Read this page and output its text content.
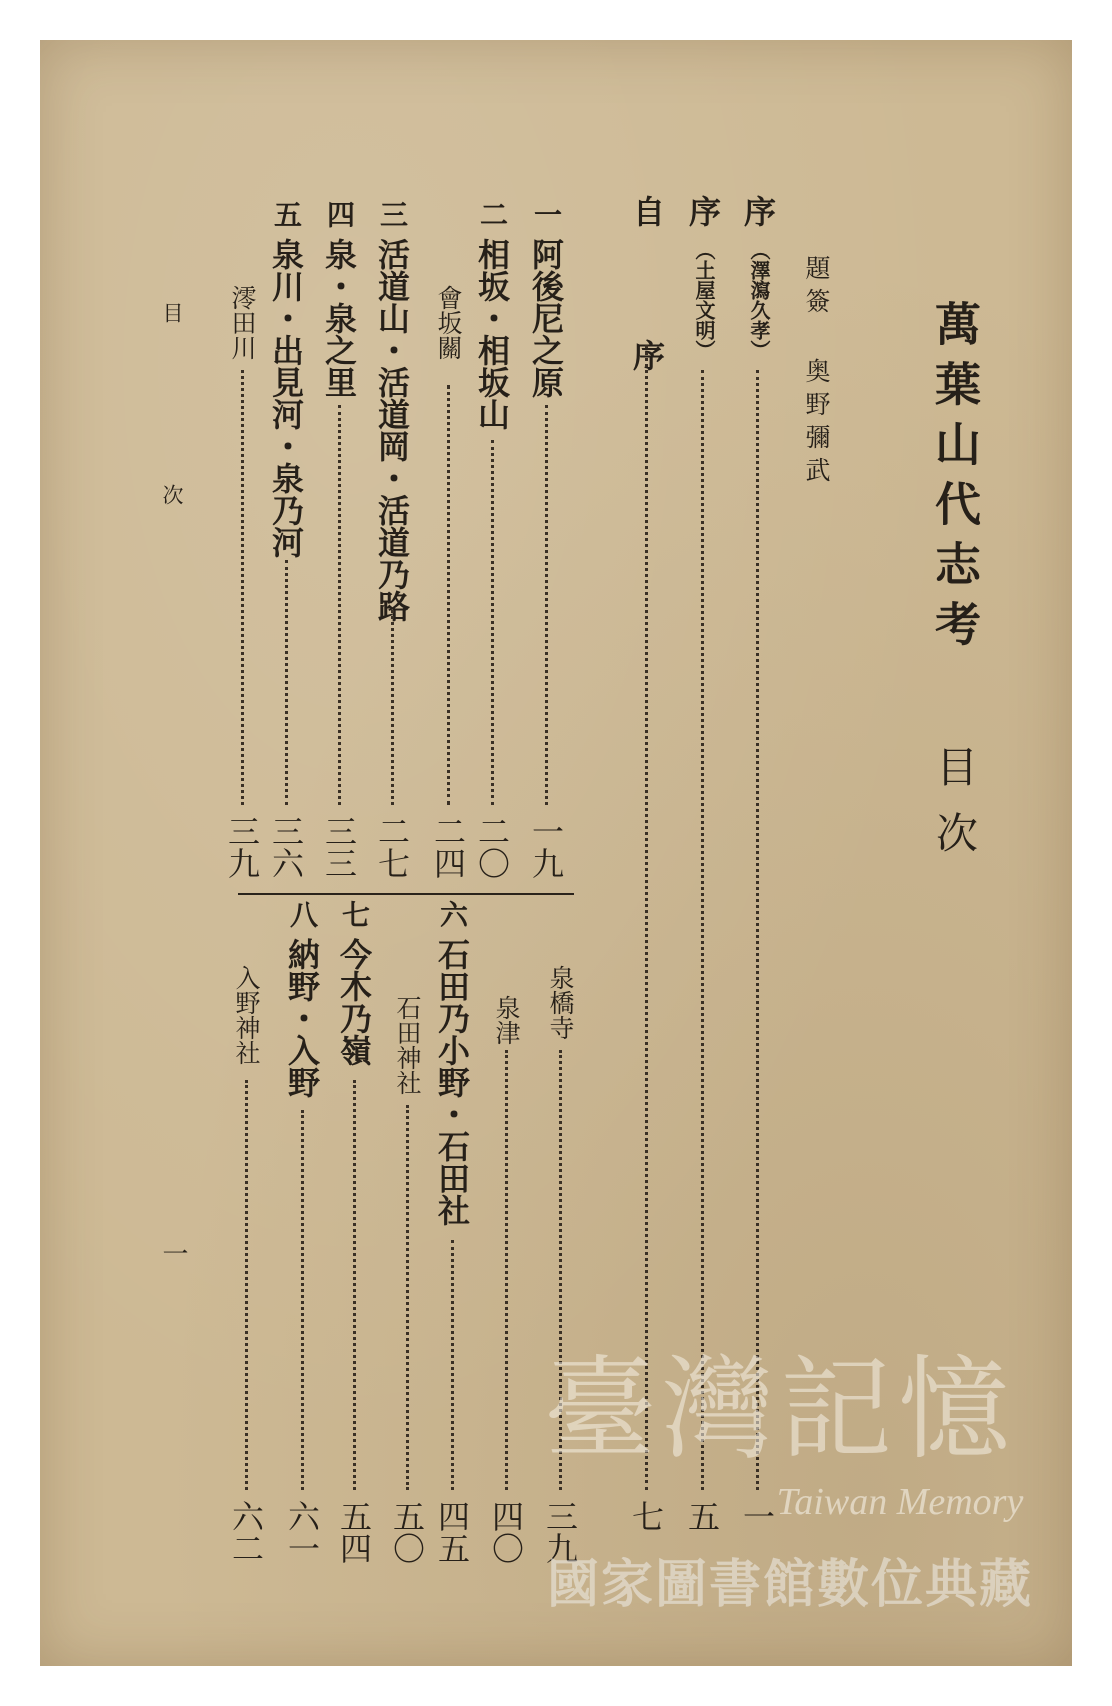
萬葉山代志考
目次
題簽 奥野彌武
序
（澤瀉久孝）
一
序
（土屋文明）
五
自　序
七
一
阿後尼之原
一九
二
相坂・相坂山
二〇
會坂關
二四
三
活道山・活道岡・活道乃路
二七
四
泉・泉之里
三三
五
泉川・出見河・泉乃河
三六
澪田川
三九
泉橋寺
三九
泉津
四〇
六
石田乃小野・石田社
四五
石田神社
五〇
七
今木乃嶺
五四
八
納野・入野
六一
入野神社
六二
目　次
一
臺灣記憶
Taiwan Memory
國家圖書館數位典藏
